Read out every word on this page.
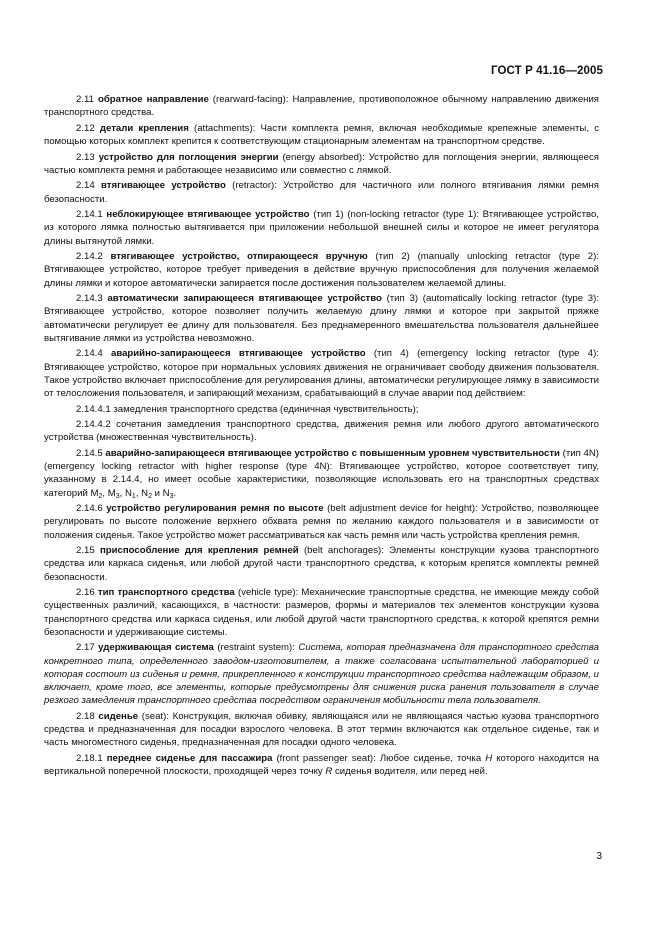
ГОСТ Р 41.16—2005

2.11 обратное направление (rearward-facing): Направление, противоположное обычному направлению движения транспортного средства.

2.12 детали крепления (attachments): Части комплекта ремня, включая необходимые крепежные элементы, с помощью которых комплект крепится к соответствующим стационарным элементам на транспортном средстве.

2.13 устройство для поглощения энергии (energy absorbed): Устройство для поглощения энергии, являющееся частью комплекта ремня и работающее независимо или совместно с лямкой.

2.14 втягивающее устройство (retractor): Устройство для частичного или полного втягивания лямки ремня безопасности.

2.14.1 неблокирующее втягивающее устройство (тип 1) (non-locking retractor (type 1): Втягивающее устройство, из которого лямка полностью вытягивается при приложении небольшой внешней силы и которое не имеет регулятора длины вытянутой лямки.

2.14.2 втягивающее устройство, отпирающееся вручную (тип 2) (manually unlocking retractor (type 2): Втягивающее устройство, которое требует приведения в действие вручную приспособления для получения желаемой длины лямки и которое автоматически запирается после достижения пользователем желаемой длины.

2.14.3 автоматически запирающееся втягивающее устройство (тип 3) (automatically locking retractor (type 3): Втягивающее устройство, которое позволяет получить желаемую длину лямки и которое при закрытой пряжке автоматически регулирует ее длину для пользователя. Без преднамеренного вмешательства пользователя дальнейшее вытягивание лямки из устройства невозможно.

2.14.4 аварийно-запирающееся втягивающее устройство (тип 4) (emergency locking retractor (type 4): Втягивающее устройство, которое при нормальных условиях движения не ограничивает свободу движения пользователя. Такое устройство включает приспособление для регулирования длины, автоматически регулирующее лямку в зависимости от телосложения пользователя, и запирающий механизм, срабатывающий в случае аварии под действием:

2.14.4.1 замедления транспортного средства (единичная чувствительность);

2.14.4.2 сочетания замедления транспортного средства, движения ремня или любого другого автоматического устройства (множественная чувствительность).

2.14.5 аварийно-запирающееся втягивающее устройство с повышенным уровнем чувствительности (тип 4N) (emergency locking retractor with higher response (type 4N): Втягивающее устройство, которое соответствует типу, указанному в 2.14.4, но имеет особые характеристики, позволяющие использовать его на транспортных средствах категорий $M_2$, $M_3$, $N_1$, $N_2$ и $N_3$.

2.14.6 устройство регулирования ремня по высоте (belt adjustment device for height): Устройство, позволяющее регулировать по высоте положение верхнего обхвата ремня по желанию каждого пользователя и в зависимости от положения сиденья. Такое устройство может рассматриваться как часть ремня или часть устройства крепления ремня.

2.15 приспособление для крепления ремней (belt anchorages): Элементы конструкции кузова транспортного средства или каркаса сиденья, или любой другой части транспортного средства, к которым крепятся комплекты ремней безопасности.

2.16 тип транспортного средства (vehicle type): Механические транспортные средства, не имеющие между собой существенных различий, касающихся, в частности: размеров, формы и материалов тех элементов конструкции кузова транспортного средства или каркаса сиденья, или любой другой части транспортного средства, к которой крепятся ремни безопасности и удерживающие системы.

2.17 удерживающая система (restraint system): Система, которая предназначена для транспортного средства конкретного типа, определенного заводом-изготовителем, а также согласована испытательной лабораторией и которая состоит из сиденья и ремня, прикрепленного к конструкции транспортного средства надлежащим образом, и включает, кроме того, все элементы, которые предусмотрены для снижения риска ранения пользователя в случае резкого замедления транспортного средства посредством ограничения мобильности тела пользователя.

2.18 сиденье (seat): Конструкция, включая обивку, являющаяся или не являющаяся частью кузова транспортного средства и предназначенная для посадки взрослого человека. В этот термин включаются как отдельное сиденье, так и часть многоместного сиденья, предназначенная для посадки одного человека.

2.18.1 переднее сиденье для пассажира (front passenger seat): Любое сиденье, точка H которого находится на вертикальной поперечной плоскости, проходящей через точку R сиденья водителя, или перед ней.

3
